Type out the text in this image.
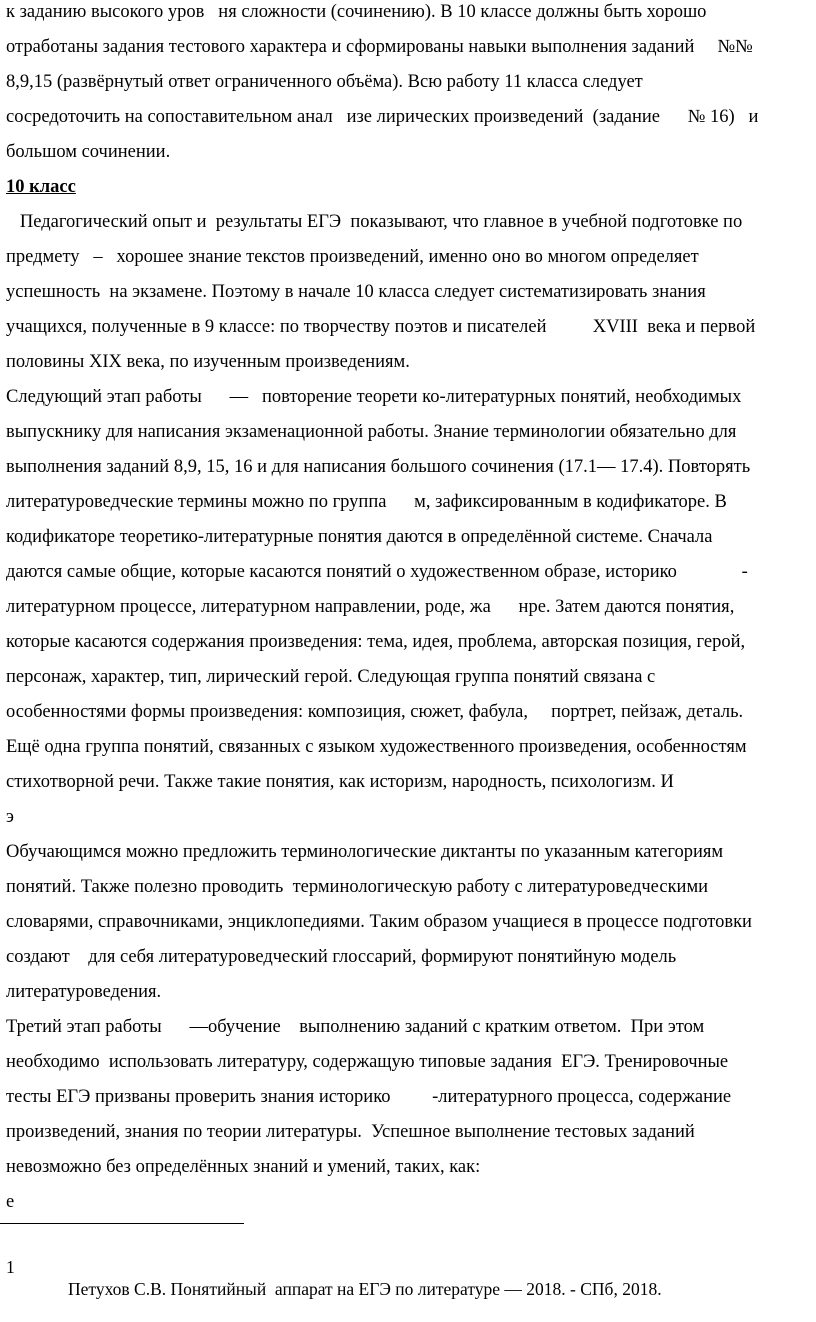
к заданию высокого уров   ня сложности (сочинению). В 10 классе должны быть хорошо
отработаны задания тестового характера и сформированы навыки выполнения заданий     №№
8,9,15 (развёрнутый ответ ограниченного объёма). Всю работу 11 класса следует
сосредоточить на сопоставительном анал   изе лирических произведений  (задание      № 16)   и
большом сочинении.
10 класс
Педагогический опыт и  результаты ЕГЭ  показывают, что главное в учебной подготовке по
предмету   –   хорошее знание текстов произведений, именно оно во многом определяет
успешность  на экзамене. Поэтому в начале 10 класса следует систематизировать знания
учащихся, полученные в 9 классе: по творчеству поэтов и писателей          XVIII  века и первой
половины XIX века, по изученным произведениям.
Следующий этап работы      —   повторение теорети ко-литературных понятий, необходимых
выпускнику для написания экзаменационной работы. Знание терминологии обязательно для
выполнения заданий 8,9, 15, 16 и для написания большого сочинения (17.1— 17.4). Повторять
литературоведческие термины можно по группа      м, зафиксированным в кодификаторе. В
кодификаторе теоретико-литературные понятия даются в определённой системе. Сначала
даются самые общие, которые касаются понятий о художественном образе, историко              -
литературном процессе, литературном направлении, роде, жа      нре. Затем даются понятия,
которые касаются содержания произведения: тема, идея, проблема, авторская позиция, герой,
персонаж, характер, тип, лирический герой. Следующая группа понятий связана с
особенностями формы произведения: композиция, сюжет, фабула,     портрет, пейзаж, деталь.
Ещё одна группа понятий, связанных с языком художественного произведения, особенностям
стихотворной речи. Также такие понятия, как историзм, народность, психологизм. И
э
Обучающимся можно предложить терминологические диктанты по указанным категориям
понятий. Также полезно проводить  терминологическую работу с литературоведческими
словарями, справочниками, энциклопедиями. Таким образом учащиеся в процессе подготовки
создают    для себя литературоведческий глоссарий, формируют понятийную модель
литературоведения.
Третий этап работы      —обучение    выполнению заданий с кратким ответом.  При этом
необходимо  использовать литературу, содержащую типовые задания  ЕГЭ. Тренировочные
тесты ЕГЭ призваны проверить знания историко         -литературного процесса, содержание
произведений, знания по теории литературы.  Успешное выполнение тестовых заданий
невозможно без определённых знаний и умений, таких, как:
е

1

Петухов С.В. Понятийный  аппарат на ЕГЭ по литературе — 2018. - СПб, 2018.
